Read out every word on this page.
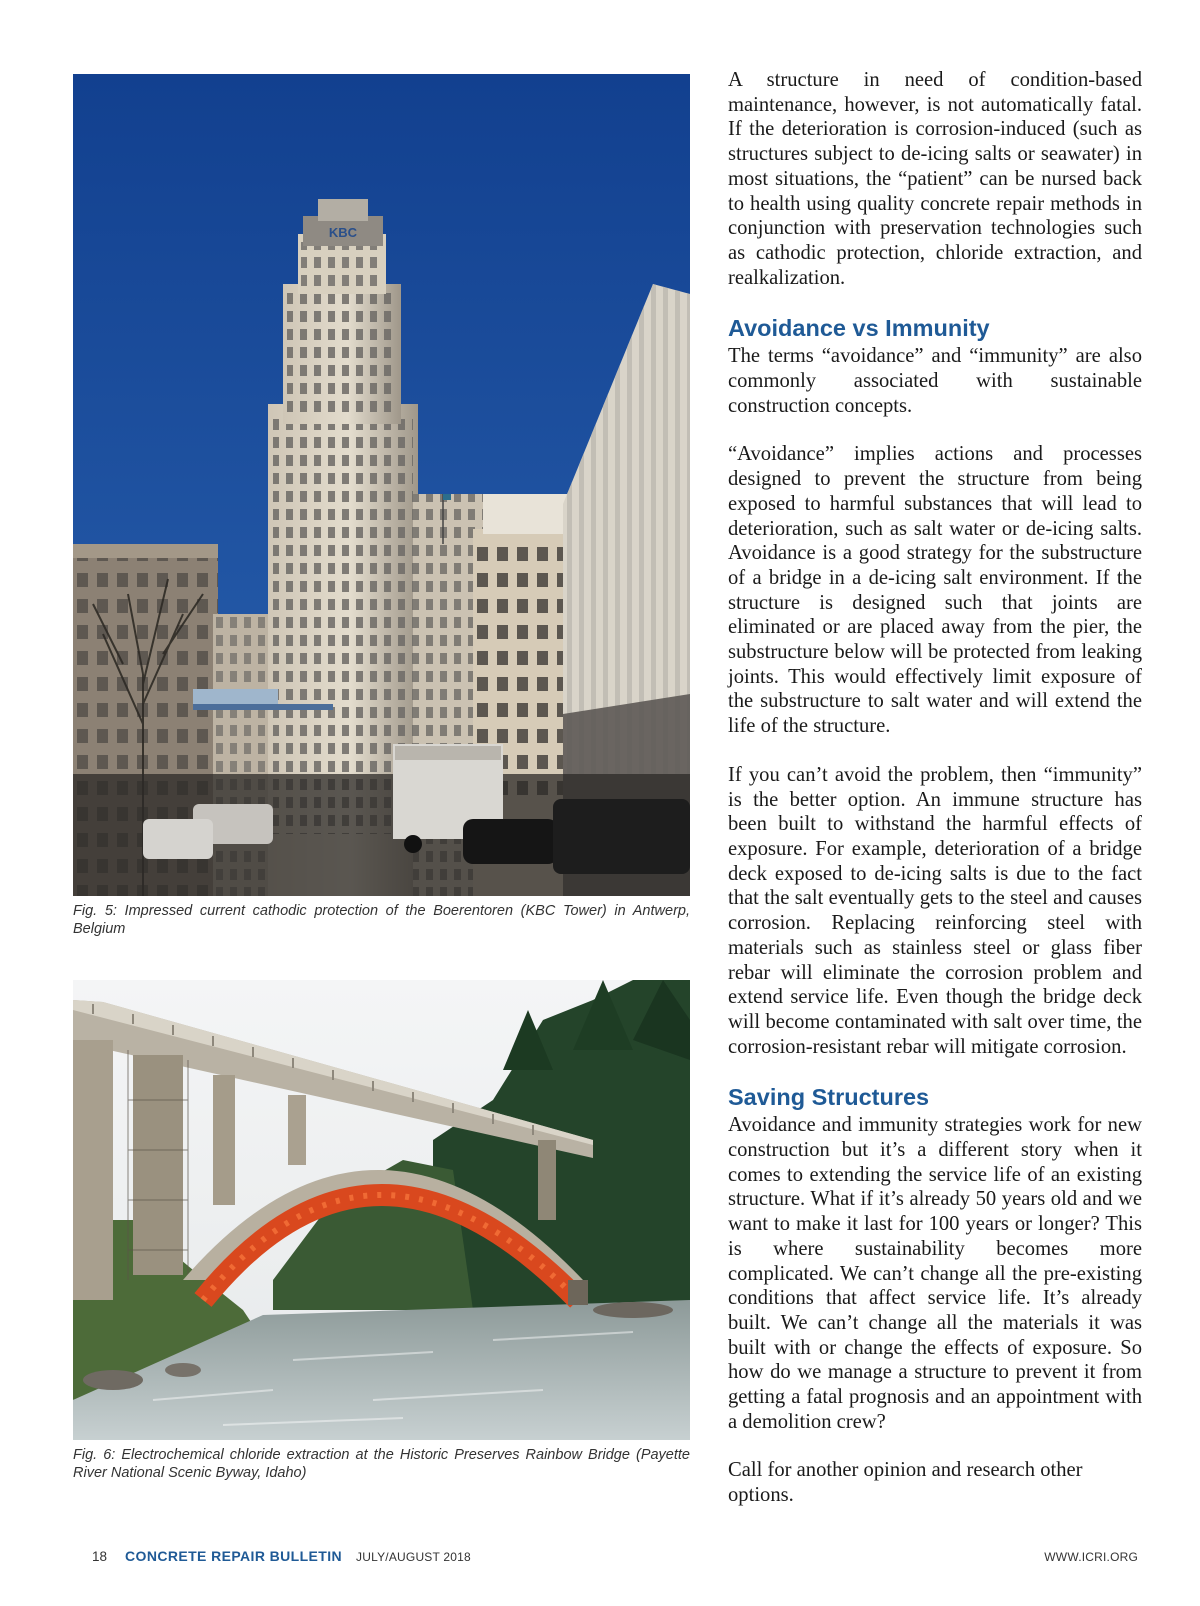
KBC
Fig. 5: Impressed current cathodic protection of the Boerentoren (KBC Tower) in Antwerp, Belgium
Fig. 6: Electrochemical chloride extraction at the Historic Preserves Rainbow Bridge (Payette River National Scenic Byway, Idaho)

A structure in need of condition-based maintenance, however, is not automatically fatal. If the deterioration is corrosion-induced (such as structures subject to de-icing salts or seawater) in most situations, the “patient” can be nursed back to health using quality concrete repair methods in conjunction with preservation technologies such as cathodic protection, chloride extraction, and realkalization.

Avoidance vs Immunity

The terms “avoidance” and “immunity” are also commonly associated with sustainable construction concepts.

“Avoidance” implies actions and processes designed to prevent the structure from being exposed to harmful substances that will lead to deterioration, such as salt water or de-icing salts. Avoidance is a good strategy for the substructure of a bridge in a de-icing salt environment. If the structure is designed such that joints are eliminated or are placed away from the pier, the substructure below will be protected from leaking joints. This would effectively limit exposure of the substructure to salt water and will extend the life of the structure.

If you can’t avoid the problem, then “immunity” is the better option. An immune structure has been built to withstand the harmful effects of exposure. For example, deterioration of a bridge deck exposed to de-icing salts is due to the fact that the salt eventually gets to the steel and causes corrosion. Replacing reinforcing steel with materials such as stainless steel or glass fiber rebar will eliminate the corrosion problem and extend service life. Even though the bridge deck will become contaminated with salt over time, the corrosion-resistant rebar will mitigate corrosion.

Saving Structures

Avoidance and immunity strategies work for new construction but it’s a different story when it comes to extending the service life of an existing structure. What if it’s already 50 years old and we want to make it last for 100 years or longer? This is where sustainability becomes more complicated. We can’t change all the pre-existing conditions that affect service life. It’s already built. We can’t change all the materials it was built with or change the effects of exposure. So how do we manage a structure to prevent it from getting a fatal prognosis and an appointment with a demolition crew?

Call for another opinion and research other options.

18 CONCRETE REPAIR BULLETIN JULY/AUGUST 2018	WWW.ICRI.ORG
